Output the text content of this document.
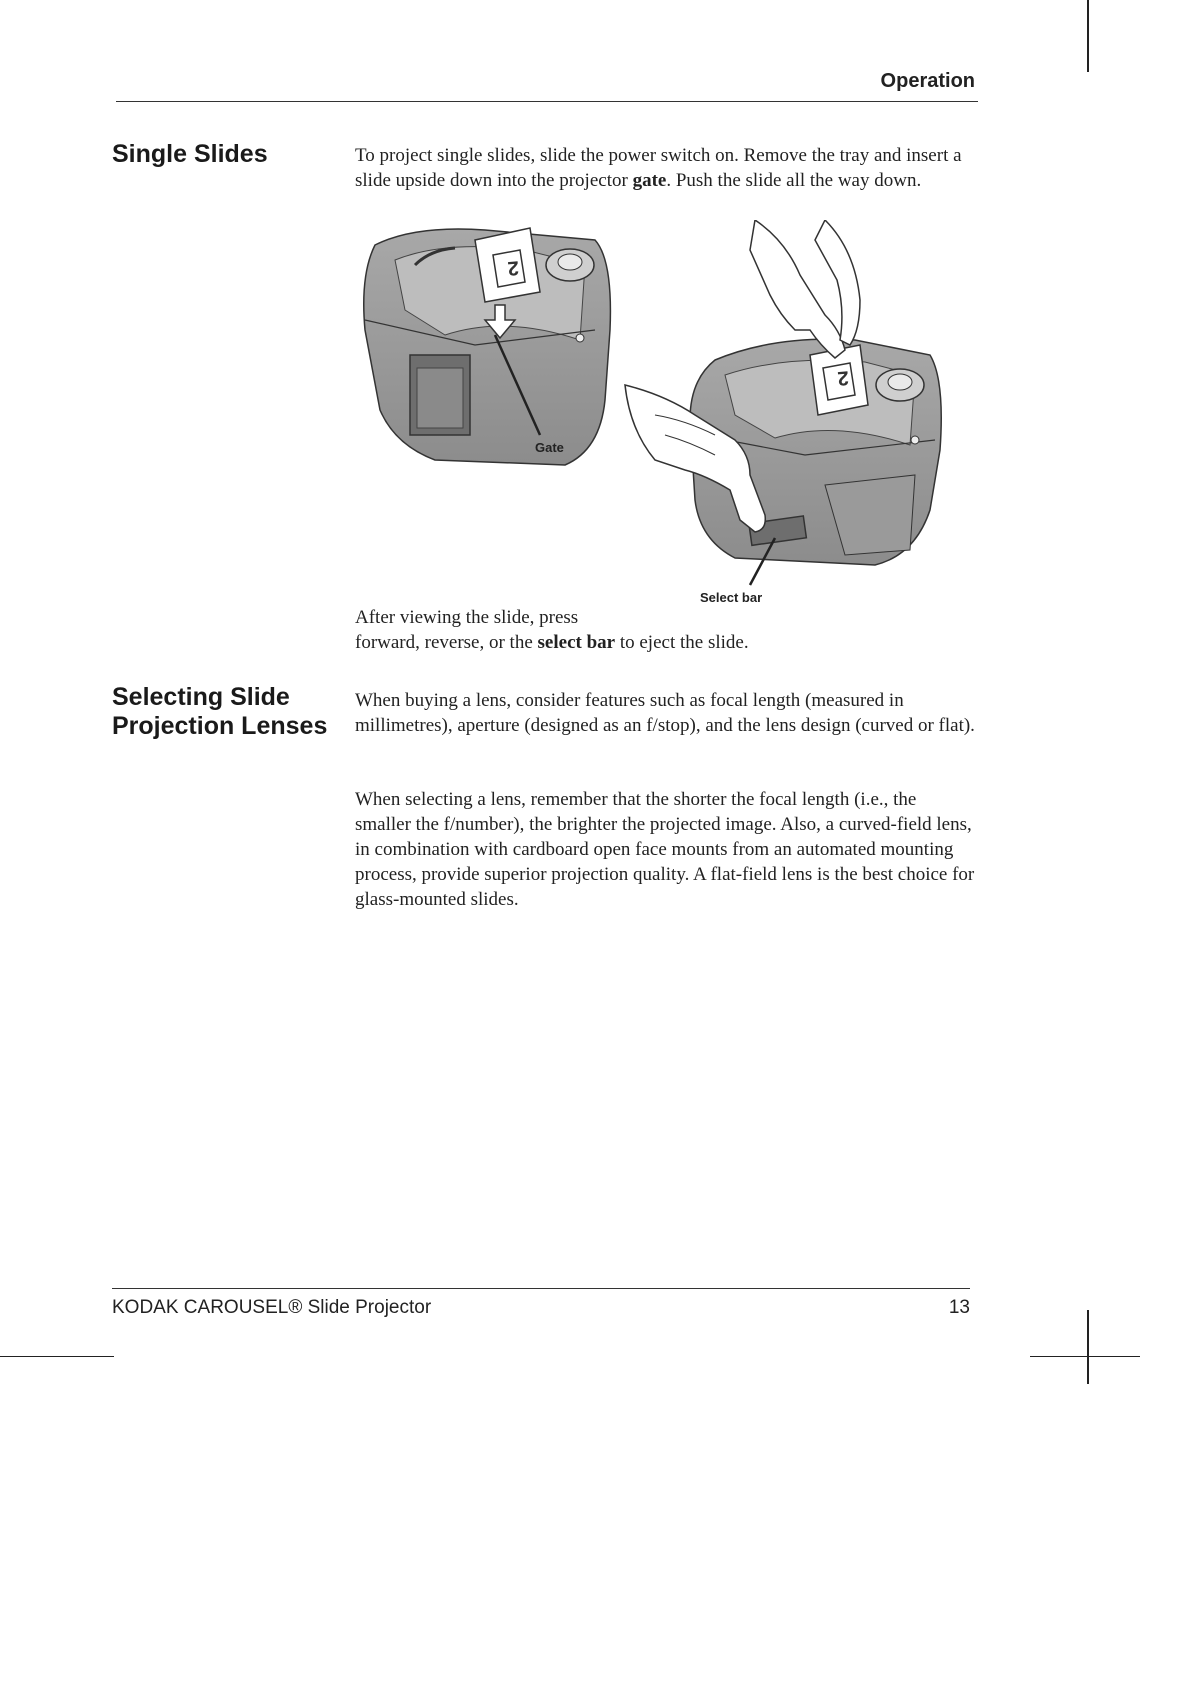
Operation
Single Slides	To project single slides, slide the power switch on. Remove the tray and insert a slide upside down into the projector gate. Push the slide all the way down.
2
Gate
2
Select bar
After viewing the slide, press
forward, reverse, or the select bar to eject the slide.
Selecting Slide
Projection Lenses
When buying a lens, consider features such as focal length (measured in millimetres), aperture (designed as an f/stop), and the lens design (curved or flat).
When selecting a lens, remember that the shorter the focal length (i.e., the smaller the f/number), the brighter the projected image. Also, a curved-field lens, in combination with cardboard open face mounts from an automated mounting process, provide superior projection quality. A flat-field lens is the best choice for glass-mounted slides.
KODAK CAROUSEL® Slide Projector	13
